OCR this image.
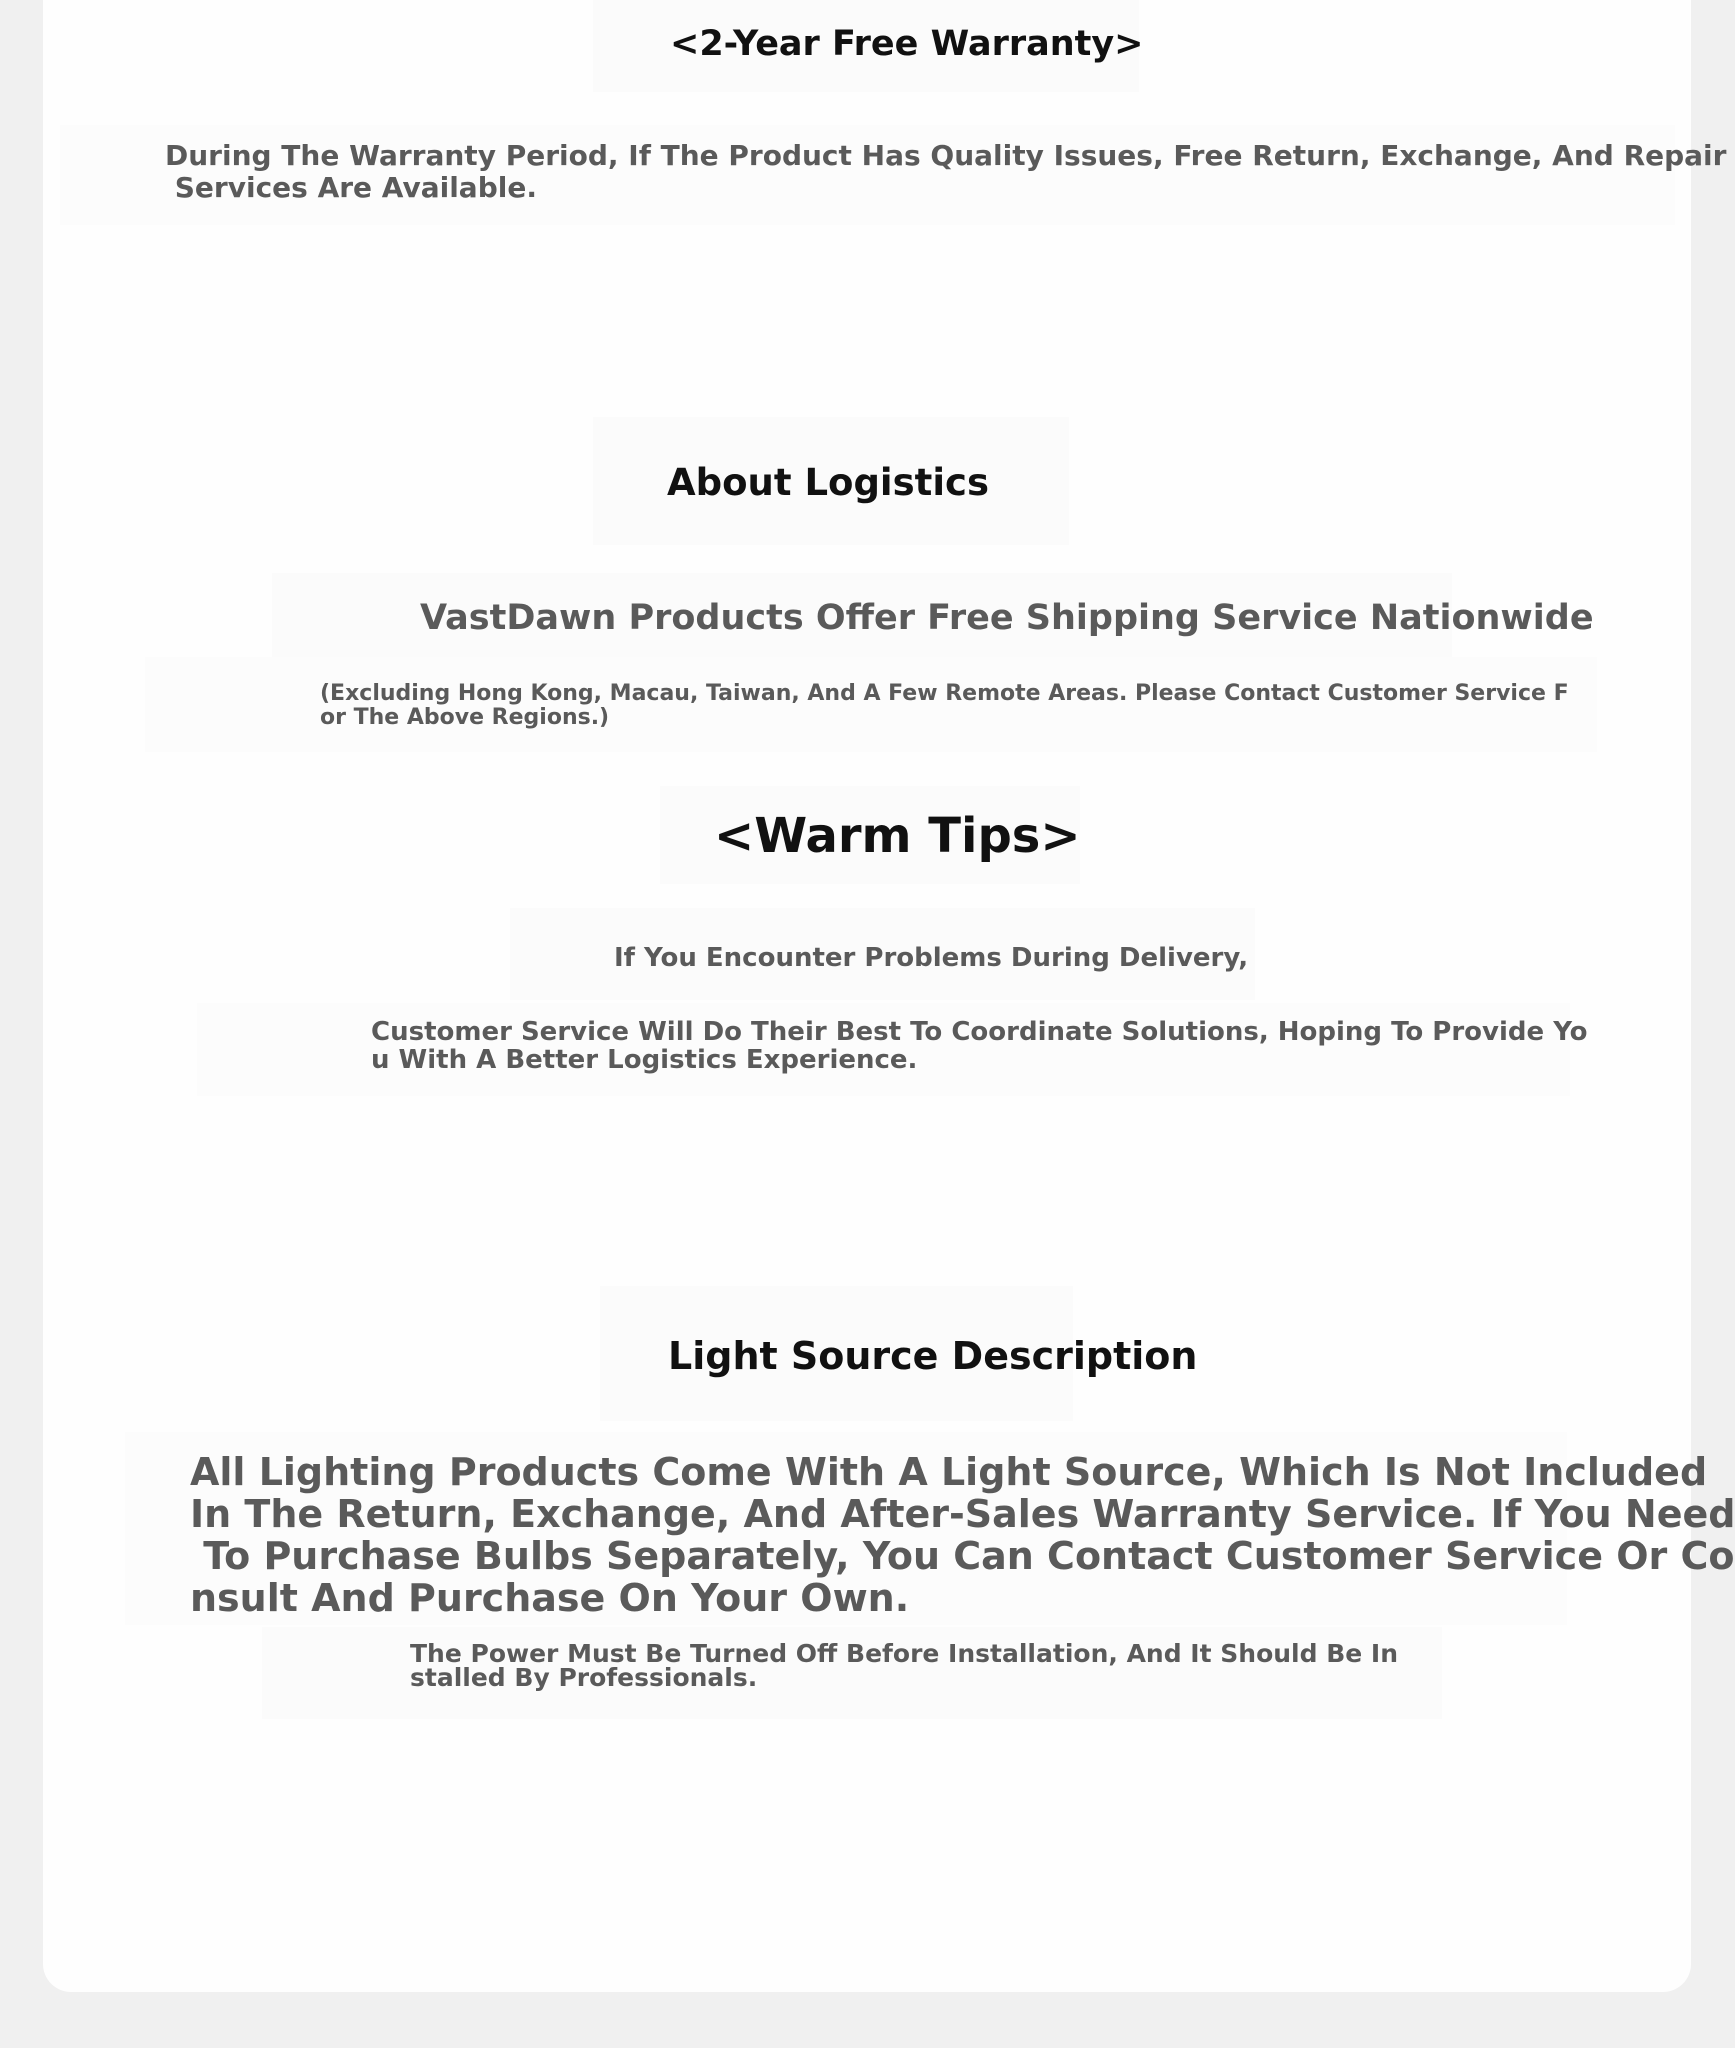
<2-Year Free Warranty>

During The Warranty Period, If The Product Has Quality Issues, Free Return, Exchange, And Repair

Services Are Available.

About Logistics

VastDawn Products Offer Free Shipping Service Nationwide

(Excluding Hong Kong, Macau, Taiwan, And A Few Remote Areas. Please Contact Customer Service F

or The Above Regions.)

<Warm Tips>

If You Encounter Problems During Delivery,

Customer Service Will Do Their Best To Coordinate Solutions, Hoping To Provide Yo

u With A Better Logistics Experience.

Light Source Description

All Lighting Products Come With A Light Source, Which Is Not Included

In The Return, Exchange, And After-Sales Warranty Service. If You Need

To Purchase Bulbs Separately, You Can Contact Customer Service Or Co

nsult And Purchase On Your Own.

The Power Must Be Turned Off Before Installation, And It Should Be In

stalled By Professionals.
